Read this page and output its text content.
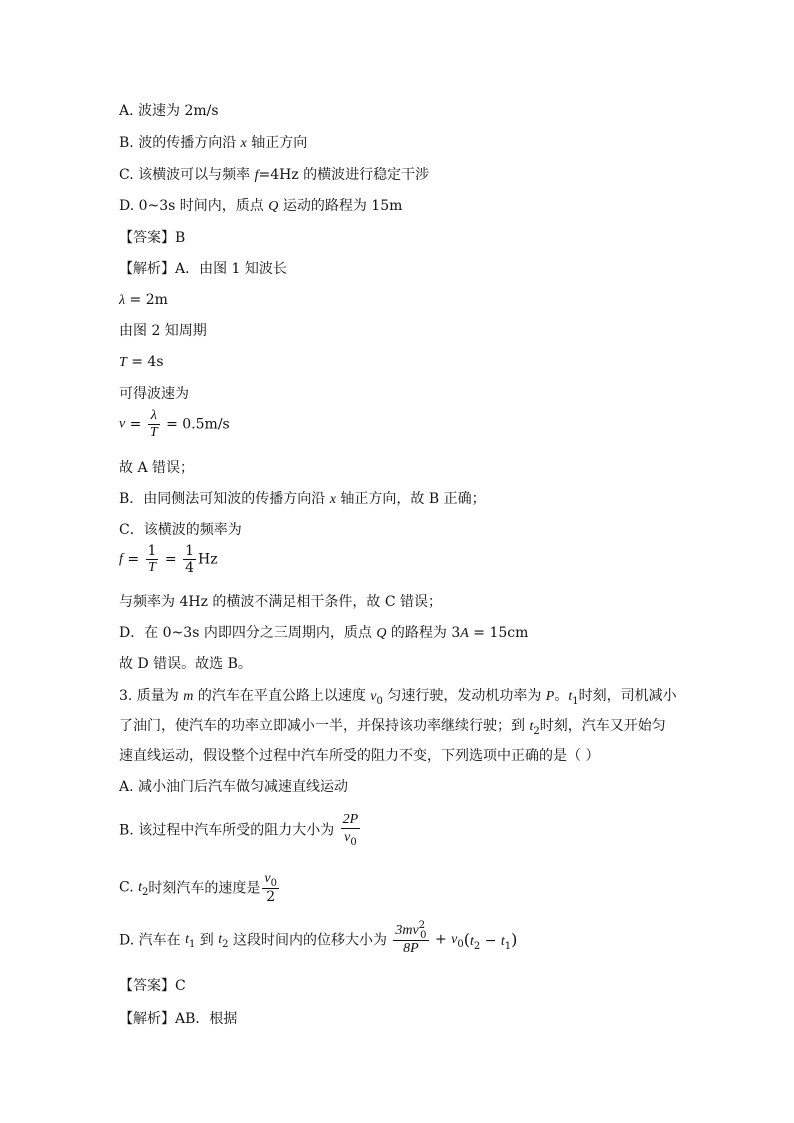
A. 波速为 2m/s
B. 波的传播方向沿 x 轴正方向
C. 该横波可以与频率 f=4Hz 的横波进行稳定干涉
D. 0~3s 时间内，质点 Q 运动的路程为 15m
【答案】B
【解析】A．由图 1 知波长
λ = 2m
由图 2 知周期
T = 4s
可得波速为
$v = \frac{\lambda}{T} = 0.5m/s$
故 A 错误；
B．由同侧法可知波的传播方向沿 x 轴正方向，故 B 正确；
C．该横波的频率为
$f = \frac{1}{T} = \frac{1}{4}$ Hz
与频率为 4Hz 的横波不满足相干条件，故 C 错误；
D．在 0~3s 内即四分之三周期内，质点 Q 的路程为 3A = 15cm
故 D 错误。故选 B。
3. 质量为 m 的汽车在平直公路上以速度 $v_0$ 匀速行驶，发动机功率为 P。$t_1$时刻，司机减小
了油门，使汽车的功率立即减小一半，并保持该功率继续行驶；到 $t_2$时刻，汽车又开始匀
速直线运动，假设整个过程中汽车所受的阻力不变，下列选项中正确的是（ ）
A. 减小油门后汽车做匀减速直线运动
B. 该过程中汽车所受的阻力大小为 $\frac{2P}{v_0}$
C. $t_2$时刻汽车的速度是 $\frac{v_0}{2}$
D. 汽车在 $t_1$ 到 $t_2$ 这段时间内的位移大小为 $\frac{3mv^2_0}{8P} + v_0(t_2 - t_1)$
【答案】C
【解析】AB．根据
